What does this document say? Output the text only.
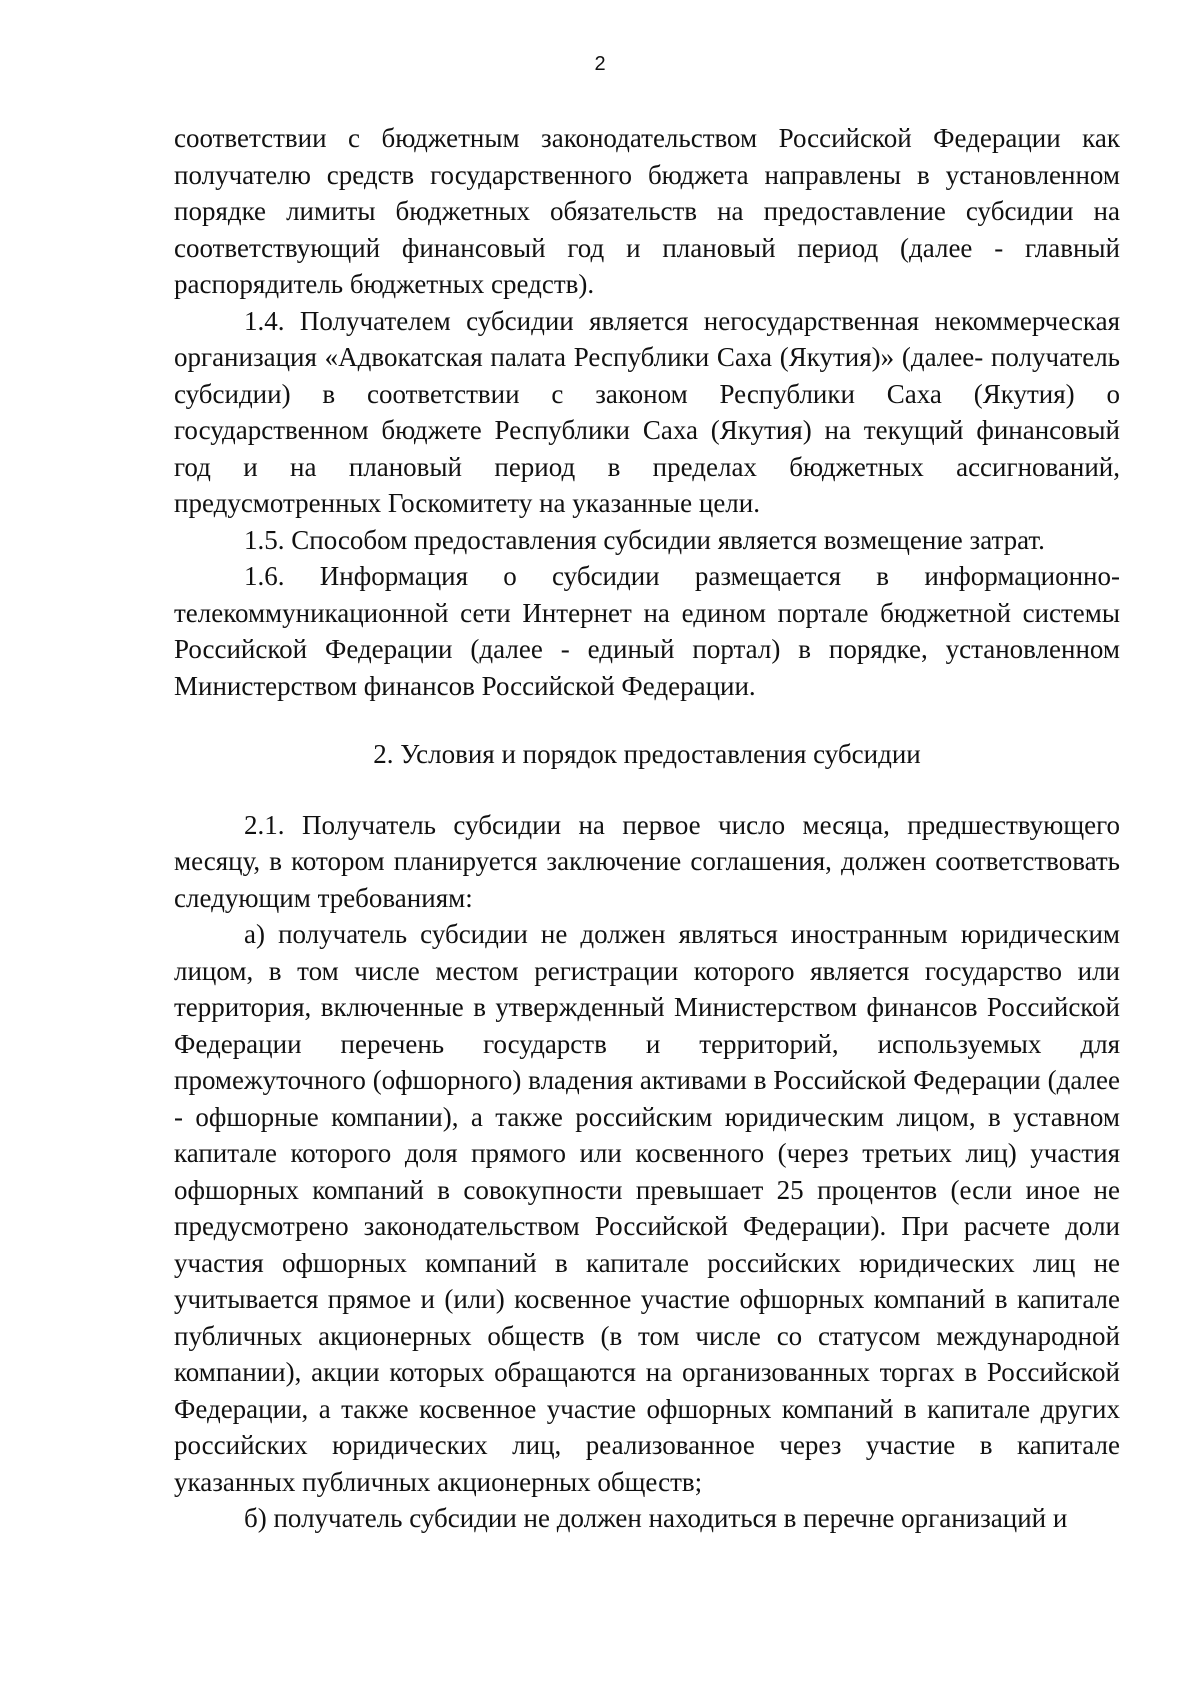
2

соответствии с бюджетным законодательством Российской Федерации как получателю средств государственного бюджета направлены в установленном порядке лимиты бюджетных обязательств на предоставление субсидии на соответствующий финансовый год и плановый период (далее - главный распорядитель бюджетных средств).

1.4. Получателем субсидии является негосударственная некоммерческая организация «Адвокатская палата Республики Саха (Якутия)» (далее- получатель субсидии) в соответствии с законом Республики Саха (Якутия) о государственном бюджете Республики Саха (Якутия) на текущий финансовый год и на плановый период в пределах бюджетных ассигнований, предусмотренных Госкомитету на указанные цели.

1.5. Способом предоставления субсидии является возмещение затрат.

1.6. Информация о субсидии размещается в информационно-телекоммуникационной сети Интернет на едином портале бюджетной системы Российской Федерации (далее - единый портал) в порядке, установленном Министерством финансов Российской Федерации.

2. Условия и порядок предоставления субсидии

2.1. Получатель субсидии на первое число месяца, предшествующего месяцу, в котором планируется заключение соглашения, должен соответствовать следующим требованиям:

а) получатель субсидии не должен являться иностранным юридическим лицом, в том числе местом регистрации которого является государство или территория, включенные в утвержденный Министерством финансов Российской Федерации перечень государств и территорий, используемых для промежуточного (офшорного) владения активами в Российской Федерации (далее - офшорные компании), а также российским юридическим лицом, в уставном капитале которого доля прямого или косвенного (через третьих лиц) участия офшорных компаний в совокупности превышает 25 процентов (если иное не предусмотрено законодательством Российской Федерации). При расчете доли участия офшорных компаний в капитале российских юридических лиц не учитывается прямое и (или) косвенное участие офшорных компаний в капитале публичных акционерных обществ (в том числе со статусом международной компании), акции которых обращаются на организованных торгах в Российской Федерации, а также косвенное участие офшорных компаний в капитале других российских юридических лиц, реализованное через участие в капитале указанных публичных акционерных обществ;

б) получатель субсидии не должен находиться в перечне организаций и
